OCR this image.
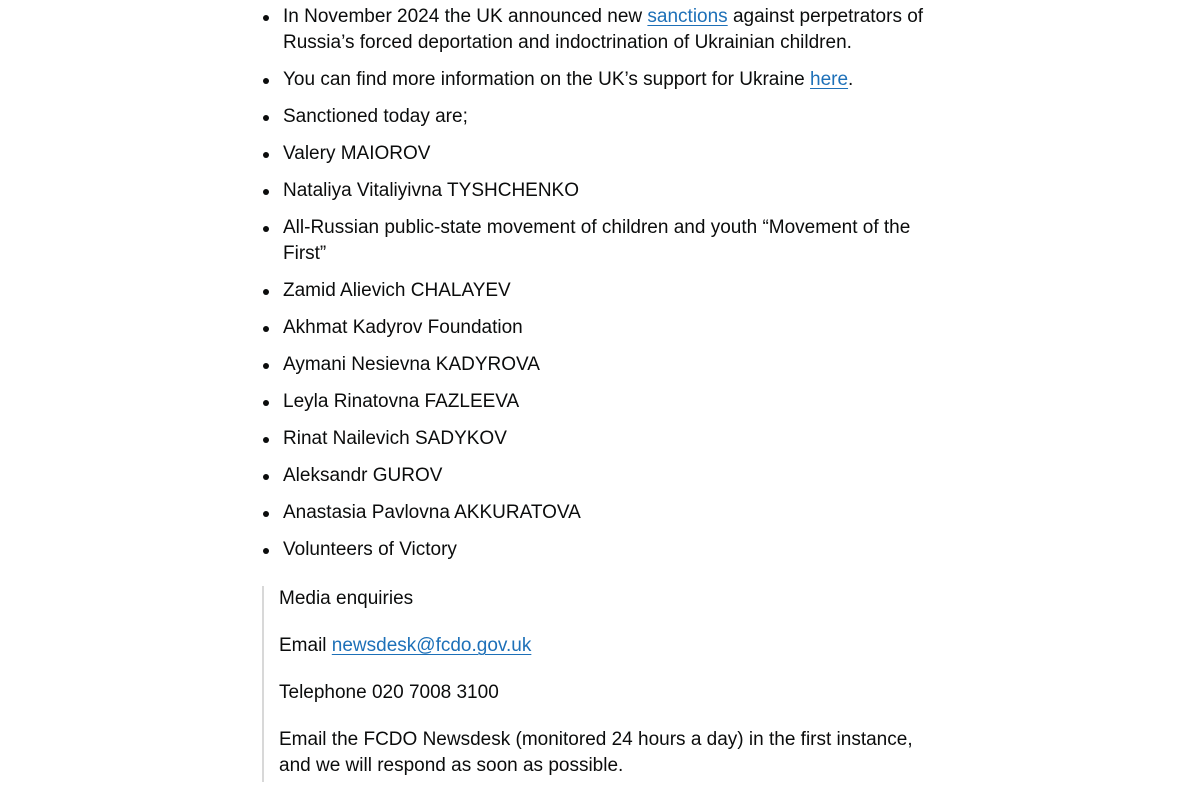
In November 2024 the UK announced new sanctions against perpetrators of Russia’s forced deportation and indoctrination of Ukrainian children.
You can find more information on the UK’s support for Ukraine here.
Sanctioned today are;
Valery MAIOROV
Nataliya Vitaliyivna TYSHCHENKO
All-Russian public-state movement of children and youth “Movement of the First”
Zamid Alievich CHALAYEV
Akhmat Kadyrov Foundation
Aymani Nesievna KADYROVA
Leyla Rinatovna FAZLEEVA
Rinat Nailevich SADYKOV
Aleksandr GUROV
Anastasia Pavlovna AKKURATOVA
Volunteers of Victory

Media enquiries

Email newsdesk@fcdo.gov.uk

Telephone 020 7008 3100

Email the FCDO Newsdesk (monitored 24 hours a day) in the first instance, and we will respond as soon as possible.
